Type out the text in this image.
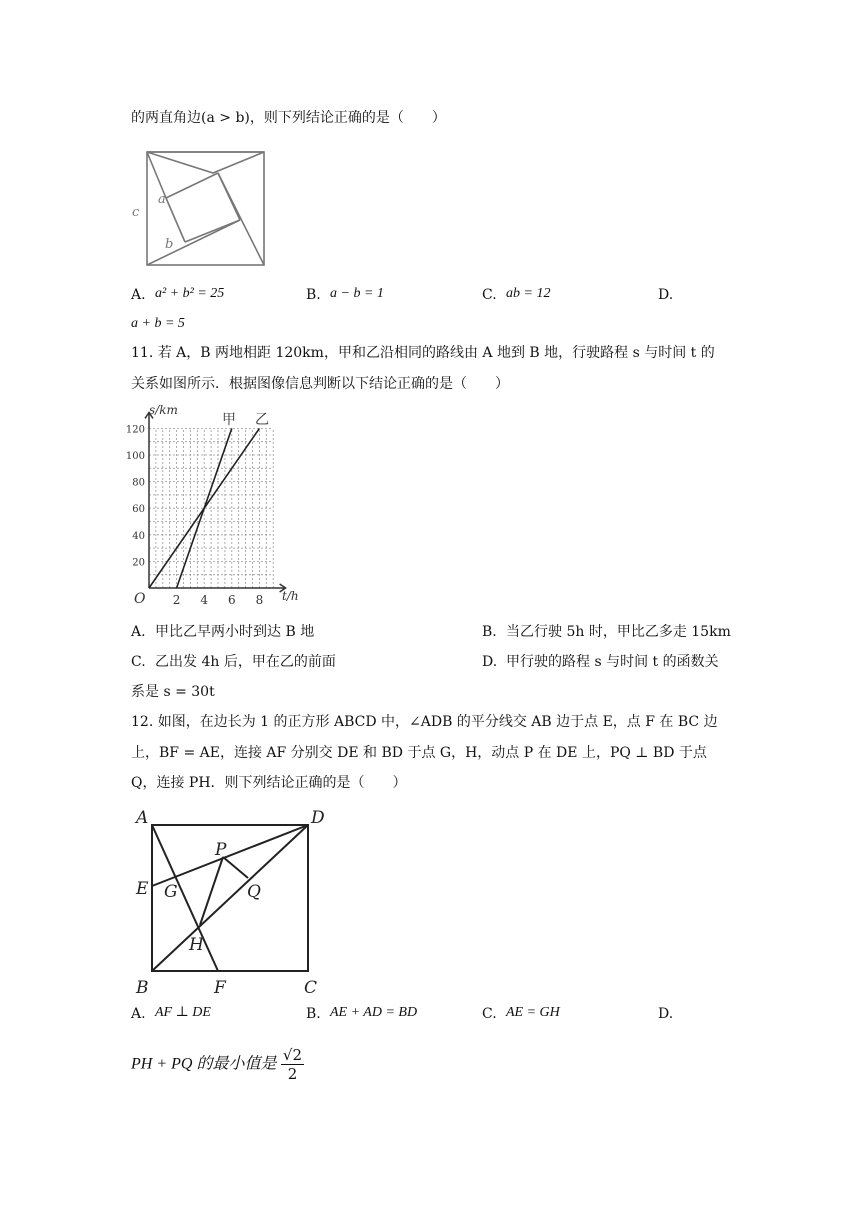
的两直角边(a > b)，则下列结论正确的是（　　）
c
a
b
A. a² + b² = 25	B. a − b = 1	C. ab = 12	D.
a + b = 5
11. 若 A，B 两地相距 120km，甲和乙沿相同的路线由 A 地到 B 地，行驶路程 s 与时间 t 的
关系如图所示．根据图像信息判断以下结论正确的是（　　）
20
40
60
80
100
120
2 4 6 8
s/km
t/h
O
甲 乙
A. 甲比乙早两小时到达 B 地	B. 当乙行驶 5h 时，甲比乙多走 15km
C. 乙出发 4h 后，甲在乙的前面	D. 甲行驶的路程 s 与时间 t 的函数关
系是 s = 30t
12. 如图，在边长为 1 的正方形 ABCD 中，∠ADB 的平分线交 AB 边于点 E，点 F 在 BC 边
上，BF = AE，连接 AF 分别交 DE 和 BD 于点 G，H，动点 P 在 DE 上，PQ ⊥ BD 于点
Q，连接 PH．则下列结论正确的是（　　）
A	D
B	C
E
F
G
H
P
Q
A. AF ⊥ DE	B. AE + AD = BD	C. AE = GH	D.
PH + PQ 的最小值是 $\frac{√2}{2}$
